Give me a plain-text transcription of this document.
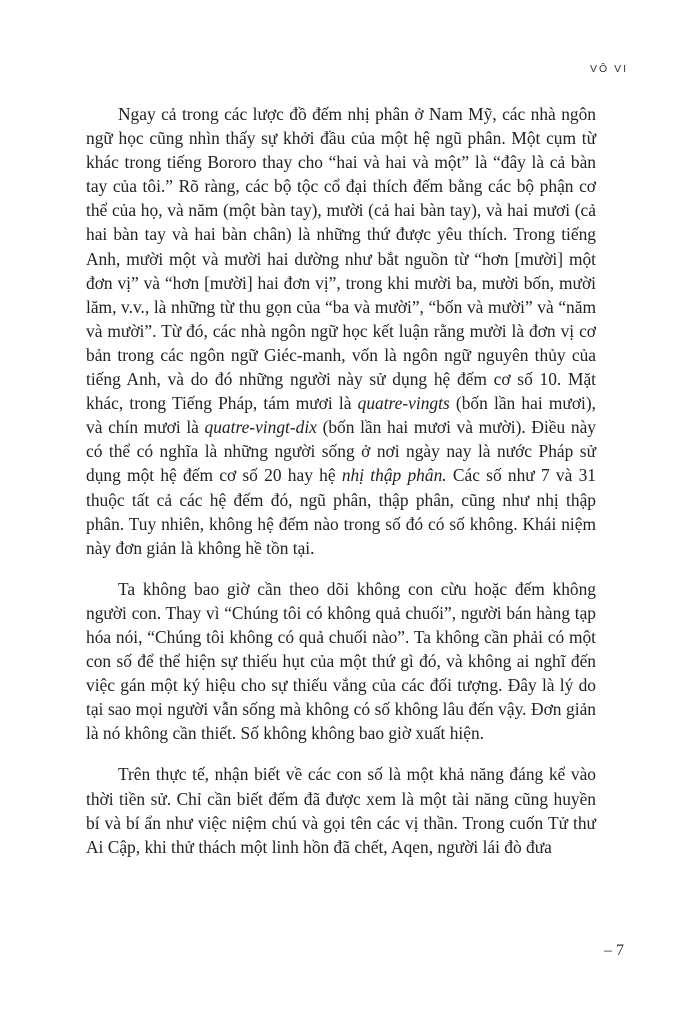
VÔ VI

Ngay cả trong các lược đồ đếm nhị phân ở Nam Mỹ, các nhà ngôn ngữ học cũng nhìn thấy sự khởi đầu của một hệ ngũ phân. Một cụm từ khác trong tiếng Bororo thay cho “hai và hai và một” là “đây là cả bàn tay của tôi.” Rõ ràng, các bộ tộc cổ đại thích đếm bằng các bộ phận cơ thể của họ, và năm (một bàn tay), mười (cả hai bàn tay), và hai mươi (cả hai bàn tay và hai bàn chân) là những thứ được yêu thích. Trong tiếng Anh, mười một và mười hai dường như bắt nguồn từ “hơn [mười] một đơn vị” và “hơn [mười] hai đơn vị”, trong khi mười ba, mười bốn, mười lăm, v.v., là những từ thu gọn của “ba và mười”, “bốn và mười” và “năm và mười”. Từ đó, các nhà ngôn ngữ học kết luận rằng mười là đơn vị cơ bản trong các ngôn ngữ Giéc-manh, vốn là ngôn ngữ nguyên thủy của tiếng Anh, và do đó những người này sử dụng hệ đếm cơ số 10. Mặt khác, trong Tiếng Pháp, tám mươi là quatre-vingts (bốn lần hai mươi), và chín mươi là quatre-vingt-dix (bốn lần hai mươi và mười). Điều này có thể có nghĩa là những người sống ở nơi ngày nay là nước Pháp sử dụng một hệ đếm cơ số 20 hay hệ nhị thập phân. Các số như 7 và 31 thuộc tất cả các hệ đếm đó, ngũ phân, thập phân, cũng như nhị thập phân. Tuy nhiên, không hệ đếm nào trong số đó có số không. Khái niệm này đơn giản là không hề tồn tại.

Ta không bao giờ cần theo dõi không con cừu hoặc đếm không người con. Thay vì “Chúng tôi có không quả chuối”, người bán hàng tạp hóa nói, “Chúng tôi không có quả chuối nào”. Ta không cần phải có một con số để thể hiện sự thiếu hụt của một thứ gì đó, và không ai nghĩ đến việc gán một ký hiệu cho sự thiếu vắng của các đối tượng. Đây là lý do tại sao mọi người vẫn sống mà không có số không lâu đến vậy. Đơn giản là nó không cần thiết. Số không không bao giờ xuất hiện.

Trên thực tế, nhận biết về các con số là một khả năng đáng kể vào thời tiền sử. Chỉ cần biết đếm đã được xem là một tài năng cũng huyền bí và bí ẩn như việc niệm chú và gọi tên các vị thần. Trong cuốn Tử thư Ai Cập, khi thử thách một linh hồn đã chết, Aqen, người lái đò đưa

– 7
